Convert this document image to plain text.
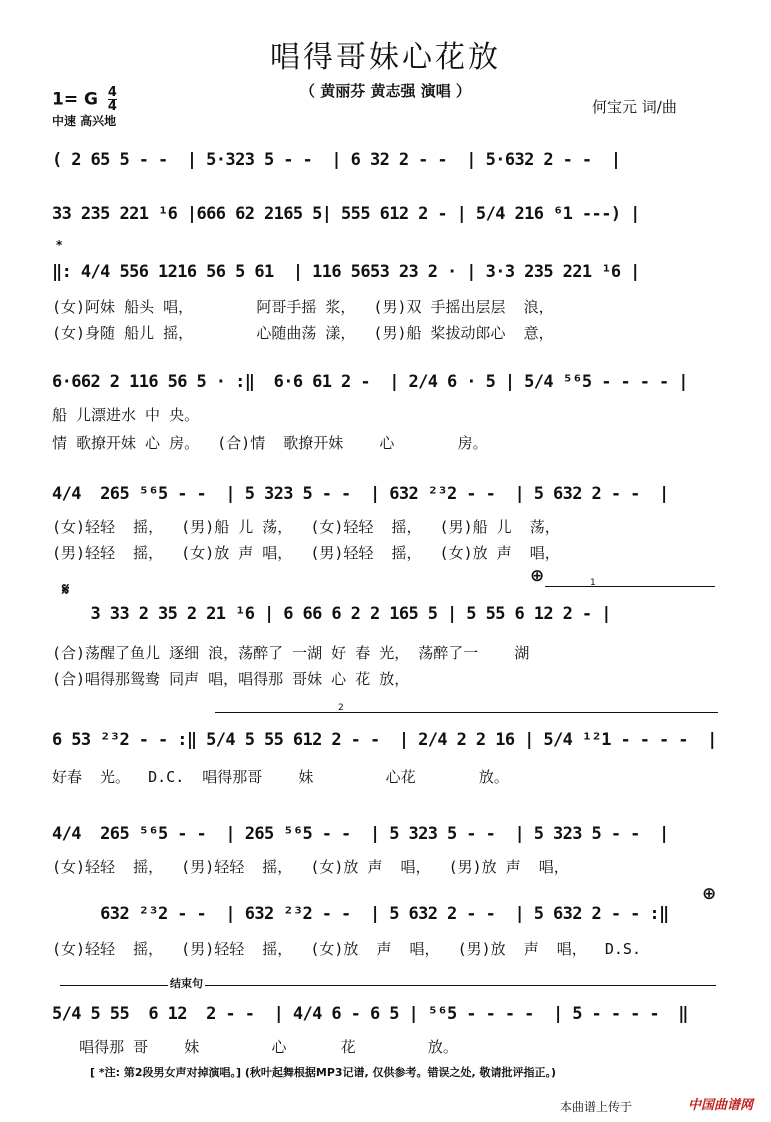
唱得哥妹心花放
（ 黄丽芬 黄志强 演唱 ）
1= G $\frac{4}{4}$
中速 高兴地
何宝元 词/曲
( 2 65 5 - -  | 5·323 5 - -  | 6 32 2 - -  | 5·632 2 - -  |
33 235 221 ¹6 |666 62 2165 5| 555 612 2 - | 5/4 216 ⁶1 ---) |
*
‖: 4/4 556 1216 56 5 61  | 116 5653 23 2 · | 3·3 235 221 ¹6 |
(女)阿妹 船头 唱，       阿哥手摇 浆，  (男)双 手摇出层层  浪，
(女)身随 船儿 摇，       心随曲荡 漾，  (男)船 桨拔动郎心  意，
6·662 2 116 56 5 · :‖  6·6 61 2 -  | 2/4 6 · 5 | 5/4 ⁵⁶5 - - - - |
船 儿漂进水 中 央。
情 歌撩开妹 心 房。  (合)情  歌撩开妹    心       房。
4/4  265 ⁵⁶5 - -  | 5 323 5 - -  | 632 ²³2 - -  | 5 632 2 - -  |
(女)轻轻  摇，  (男)船 儿 荡，  (女)轻轻  摇，  (男)船 儿  荡，
(男)轻轻  摇，  (女)放 声 唱，  (男)轻轻  摇，  (女)放 声  唱，
𝄋
⊕	1
3 33 2 35 2 21 ¹6 | 6 66 6 2 2 165 5 | 5 55 6 12 2 - |
(合)荡醒了鱼儿 逐细 浪，荡醉了 一湖 好 春 光， 荡醉了一    湖
(合)唱得那鸳鸯 同声 唱，唱得那 哥妹 心 花 放，
2
6 53 ²³2 - - :‖ 5/4 5 55 612 2 - -  | 2/4 2 2 16 | 5/4 ¹²1 - - - -  |
好春  光。  D.C.  唱得那哥    妹        心花       放。
4/4  265 ⁵⁶5 - -  | 265 ⁵⁶5 - -  | 5 323 5 - -  | 5 323 5 - -  |
(女)轻轻  摇，  (男)轻轻  摇，  (女)放 声  唱，  (男)放 声  唱，
⊕
632 ²³2 - -  | 632 ²³2 - -  | 5 632 2 - -  | 5 632 2 - - :‖
(女)轻轻  摇，  (男)轻轻  摇，  (女)放  声  唱，  (男)放  声  唱，  D.S.
结束句
5/4 5 55  6 12  2 - -  | 4/4 6 - 6 5 | ⁵⁶5 - - - -  | 5 - - - -  ‖
唱得那 哥    妹        心      花        放。
[ *注: 第2段男女声对掉演唱。] (秋叶起舞根据MP3记谱, 仅供参考。错误之处, 敬请批评指正。)
本曲谱上传于	中国曲谱网
